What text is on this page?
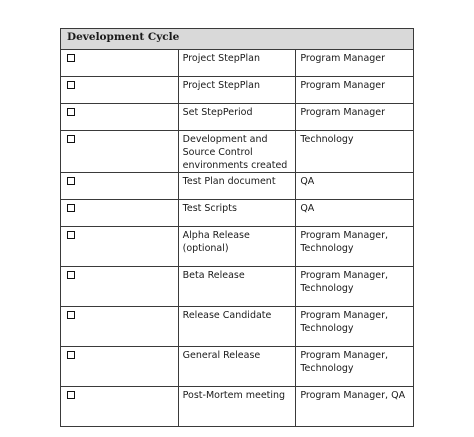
Development Cycle		
	Project StepPlan	Program Manager
	Project StepPlan	Program Manager
	Set StepPeriod	Program Manager
	Development and Source Control environments created	Technology
	Test Plan document	QA
	Test Scripts	QA
	Alpha Release (optional)	Program Manager, Technology
	Beta Release	Program Manager, Technology
	Release Candidate	Program Manager, Technology
	General Release	Program Manager, Technology
	Post-Mortem meeting	Program Manager, QA
